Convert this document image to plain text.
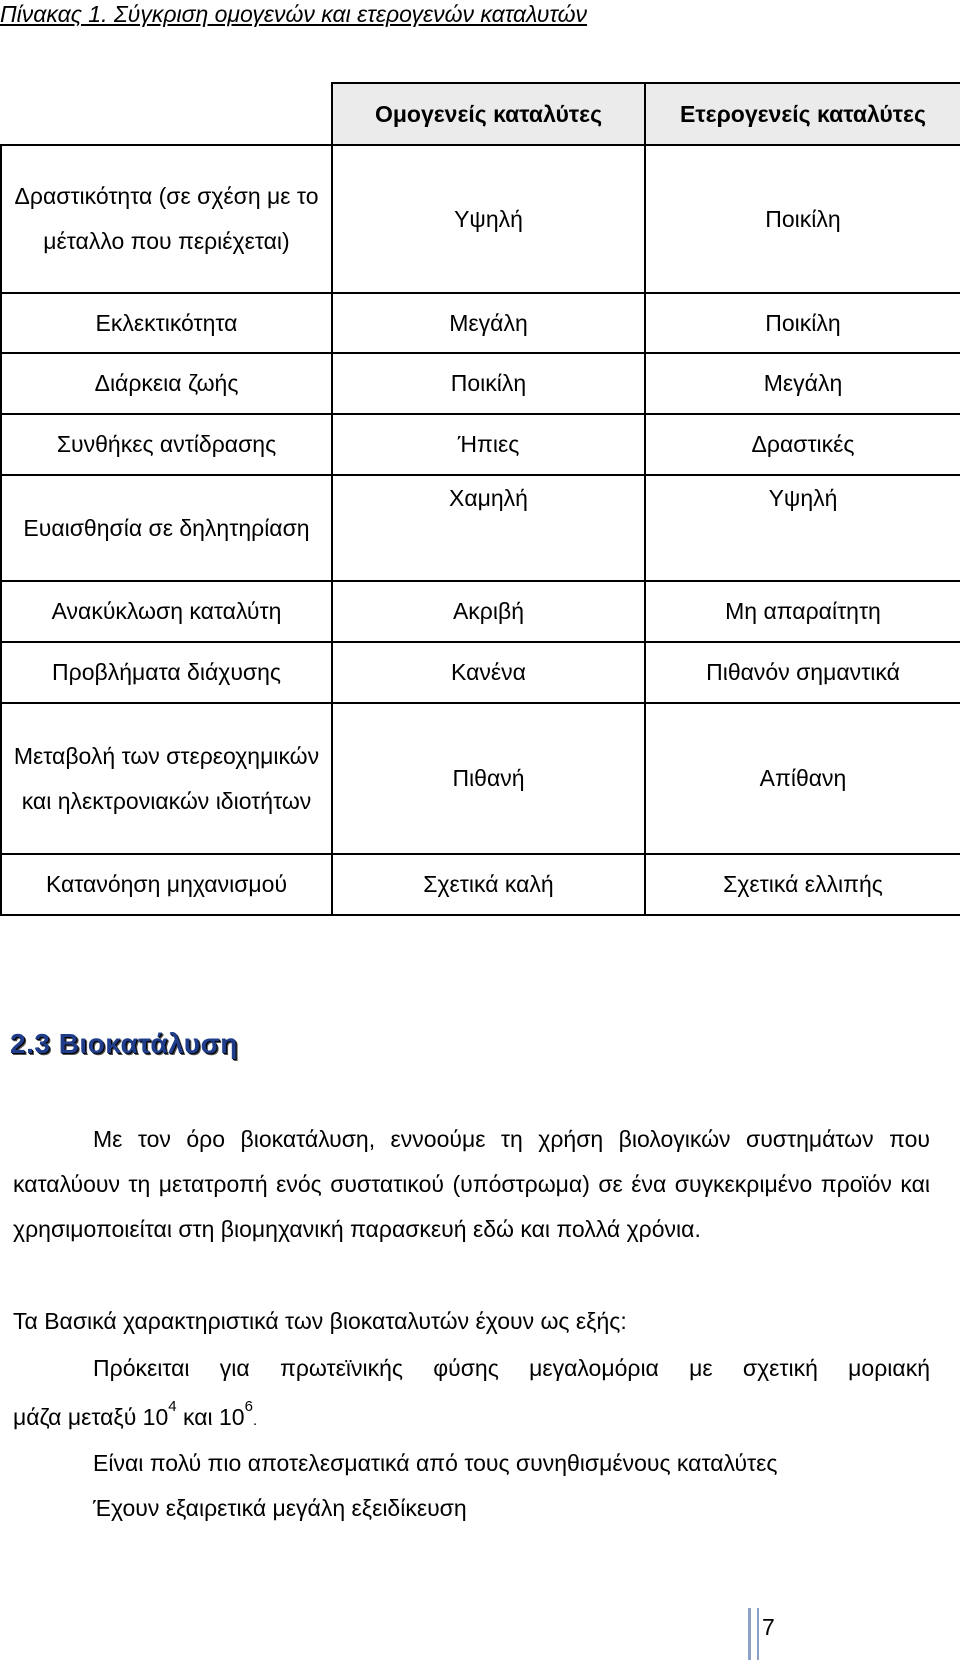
Πίνακας 1. Σύγκριση ομογενών και ετερογενών καταλυτών
	Ομογενείς καταλύτες	Ετερογενείς καταλύτες
Δραστικότητα (σε σχέση με το μέταλλο που περιέχεται)	Υψηλή	Ποικίλη
Εκλεκτικότητα	Μεγάλη	Ποικίλη
Διάρκεια ζωής	Ποικίλη	Μεγάλη
Συνθήκες αντίδρασης	Ήπιες	Δραστικές
Ευαισθησία σε δηλητηρίαση	Χαμηλή	Υψηλή
Ανακύκλωση καταλύτη	Ακριβή	Μη απαραίτητη
Προβλήματα διάχυσης	Κανένα	Πιθανόν σημαντικά
Μεταβολή των στερεοχημικών και ηλεκτρονιακών ιδιοτήτων	Πιθανή	Απίθανη
Κατανόηση μηχανισμού	Σχετικά καλή	Σχετικά ελλιπής
2.3 Βιοκατάλυση

Με τον όρο βιοκατάλυση, εννοούμε τη χρήση βιολογικών συστημάτων που καταλύουν τη μετατροπή ενός συστατικού (υπόστρωμα) σε ένα συγκεκριμένο προϊόν και χρησιμοποιείται στη βιομηχανική παρασκευή εδώ και πολλά χρόνια.

Τα Βασικά χαρακτηριστικά των βιοκαταλυτών έχουν ως εξής:

Πρόκειται για πρωτεϊνικής φύσης μεγαλομόρια με σχετική μοριακή

μάζα μεταξύ $10^4$ και $10^6$.

Είναι πολύ πιο αποτελεσματικά από τους συνηθισμένους καταλύτες

Έχουν εξαιρετικά μεγάλη εξειδίκευση

7
